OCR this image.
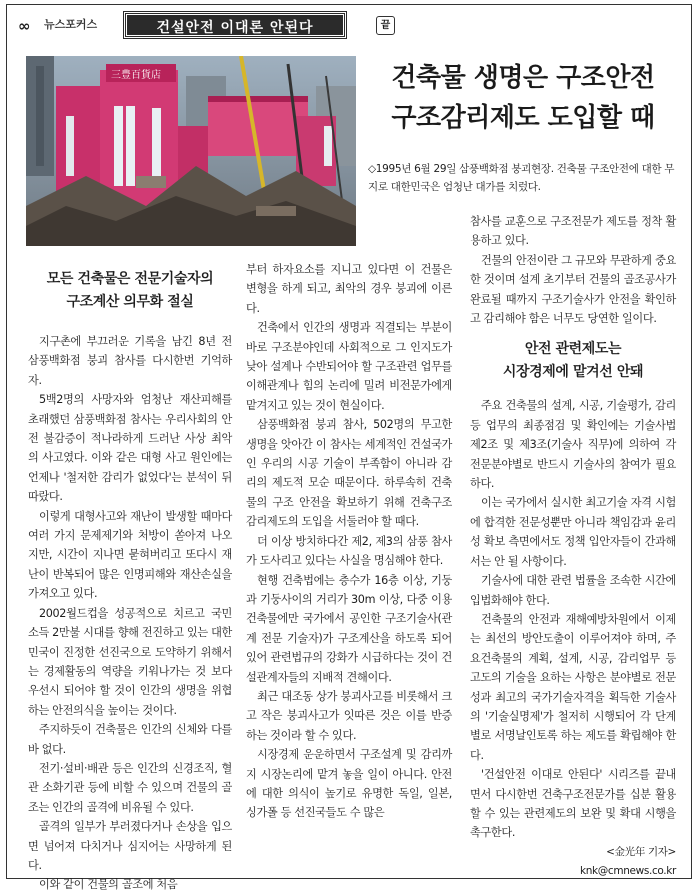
∞ 뉴스포커스	건설안전 이대론 안된다	끝
三豊百貨店	건축물 생명은 구조안전
구조감리제도 도입할 때
◇1995년 6월 29일 삼풍백화점 붕괴현장. 건축물 구조안전에 대한 무지로 대한민국은 엄청난 대가를 치렀다.
모든 건축물은 전문기술자의
구조계산 의무화 절실

지구촌에 부끄러운 기록을 남긴 8년 전 삼풍백화점 붕괴 참사를 다시한번 기억하자.

5백2명의 사망자와 엄청난 재산피해를 초래했던 삼풍백화점 참사는 우리사회의 안전 불감증이 적나라하게 드러난 사상 최악의 사고였다. 이와 같은 대형 사고 원인에는 언제나 '철저한 감리가 없었다'는 분석이 뒤따랐다.

이렇게 대형사고와 재난이 발생할 때마다 여러 가지 문제제기와 처방이 쏟아져 나오지만, 시간이 지나면 묻혀버리고 또다시 재난이 반복되어 많은 인명피해와 재산손실을 가져오고 있다.

2002월드컵을 성공적으로 치르고 국민소득 2만불 시대를 향해 전진하고 있는 대한민국이 진정한 선진국으로 도약하기 위해서는 경제활동의 역량을 키워나가는 것 보다 우선시 되어야 할 것이 인간의 생명을 위협하는 안전의식을 높이는 것이다.

주지하듯이 건축물은 인간의 신체와 다를 바 없다.

전기·설비·배관 등은 인간의 신경조직, 혈관 소화기관 등에 비할 수 있으며 건물의 골조는 인간의 골격에 비유될 수 있다.

골격의 일부가 부러졌다거나 손상을 입으면 넘어져 다치거나 심지어는 사망하게 된다.

이와 같이 건물의 골조에 처음

부터 하자요소를 지니고 있다면 이 건물은 변형을 하게 되고, 최악의 경우 붕괴에 이른다.

건축에서 인간의 생명과 직결되는 부분이 바로 구조분야인데 사회적으로 그 인지도가 낮아 설계나 수반되어야 할 구조관련 업무를 이해관계나 힘의 논리에 밀려 비전문가에게 맡겨지고 있는 것이 현실이다.

삼풍백화점 붕괴 참사, 502명의 무고한 생명을 앗아간 이 참사는 세계적인 건설국가인 우리의 시공 기술이 부족함이 아니라 감리의 제도적 모순 때문이다. 하루속히 건축물의 구조 안전을 확보하기 위해 건축구조 감리제도의 도입을 서둘러야 할 때다.

더 이상 방치하다간 제2, 제3의 삼풍 참사가 도사리고 있다는 사실을 명심해야 한다.

현행 건축법에는 층수가 16층 이상, 기둥과 기둥사이의 거리가 30m 이상, 다중 이용건축물에만 국가에서 공인한 구조기술사(관계 전문 기술자)가 구조계산을 하도록 되어있어 관련법규의 강화가 시급하다는 것이 건설관계자들의 지배적 견해이다.

최근 대조동 상가 붕괴사고를 비롯해서 크고 작은 붕괴사고가 잇따른 것은 이를 반증하는 것이라 할 수 있다.

시장경제 운운하면서 구조설계 및 감리까지 시장논리에 맡겨 놓을 일이 아니다. 안전에 대한 의식이 높기로 유명한 독일, 일본, 싱가폴 등 선진국들도 수 많은

참사를 교훈으로 구조전문가 제도를 정착 활용하고 있다.

건물의 안전이란 그 규모와 무관하게 중요한 것이며 설계 초기부터 건물의 골조공사가 완료될 때까지 구조기술사가 안전을 확인하고 감리해야 함은 너무도 당연한 일이다.

안전 관련제도는
시장경제에 맡겨선 안돼

주요 건축물의 설계, 시공, 기술평가, 감리 등 업무의 최종점검 및 확인에는 기술사법 제2조 및 제3조(기술사 직무)에 의하여 각 전문분야별로 반드시 기술사의 참여가 필요하다.

이는 국가에서 실시한 최고기술 자격 시험에 합격한 전문성뿐만 아니라 책임감과 윤리성 확보 측면에서도 정책 입안자들이 간과해서는 안 될 사항이다.

기술사에 대한 관련 법률을 조속한 시간에 입법화해야 한다.

건축물의 안전과 재해예방차원에서 이제는 최선의 방안도출이 이루어져야 하며, 주요건축물의 계획, 설계, 시공, 감리업무 등 고도의 기술을 요하는 사항은 분야별로 전문성과 최고의 국가기술자격을 획득한 기술사의 '기술실명제'가 철저히 시행되어 각 단계별로 서명날인토록 하는 제도를 확립해야 한다.

'건설안전 이대로 안된다' 시리즈를 끝내면서 다시한번 건축구조전문가를 십분 활용할 수 있는 관련제도의 보완 및 확대 시행을 촉구한다.

<金光年 기자>
knk@cmnews.co.kr
